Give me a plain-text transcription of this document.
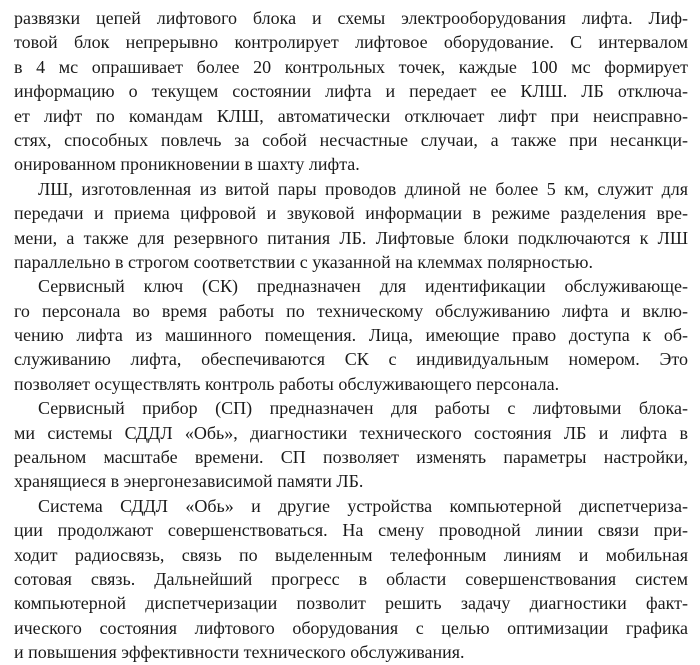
развязки цепей лифтового блока и схемы электрооборудования лифта. Лиф-
товой блок непрерывно контролирует лифтовое оборудование. С интервалом
в 4 мс опрашивает более 20 контрольных точек, каждые 100 мс формирует
информацию о текущем состоянии лифта и передает ее КЛШ. ЛБ отключа-
ет лифт по командам КЛШ, автоматически отключает лифт при неисправно-
стях, способных повлечь за собой несчастные случаи, а также при несанкци-
онированном проникновении в шахту лифта.
ЛШ, изготовленная из витой пары проводов длиной не более 5 км, служит для
передачи и приема цифровой и звуковой информации в режиме разделения вре-
мени, а также для резервного питания ЛБ. Лифтовые блоки подключаются к ЛШ
параллельно в строгом соответствии с указанной на клеммах полярностью.
Сервисный ключ (СК) предназначен для идентификации обслуживающе-
го персонала во время работы по техническому обслуживанию лифта и вклю-
чению лифта из машинного помещения. Лица, имеющие право доступа к об-
служиванию лифта, обеспечиваются СК с индивидуальным номером. Это
позволяет осуществлять контроль работы обслуживающего персонала.
Сервисный прибор (СП) предназначен для работы с лифтовыми блока-
ми системы СДДЛ «Обь», диагностики технического состояния ЛБ и лифта в
реальном масштабе времени. СП позволяет изменять параметры настройки,
хранящиеся в энергонезависимой памяти ЛБ.
Система СДДЛ «Обь» и другие устройства компьютерной диспетчериза-
ции продолжают совершенствоваться. На смену проводной линии связи при-
ходит радиосвязь, связь по выделенным телефонным линиям и мобильная
сотовая связь. Дальнейший прогресс в области совершенствования систем
компьютерной диспетчеризации позволит решить задачу диагностики факт-
ического состояния лифтового оборудования с целью оптимизации графика
и повышения эффективности технического обслуживания.
